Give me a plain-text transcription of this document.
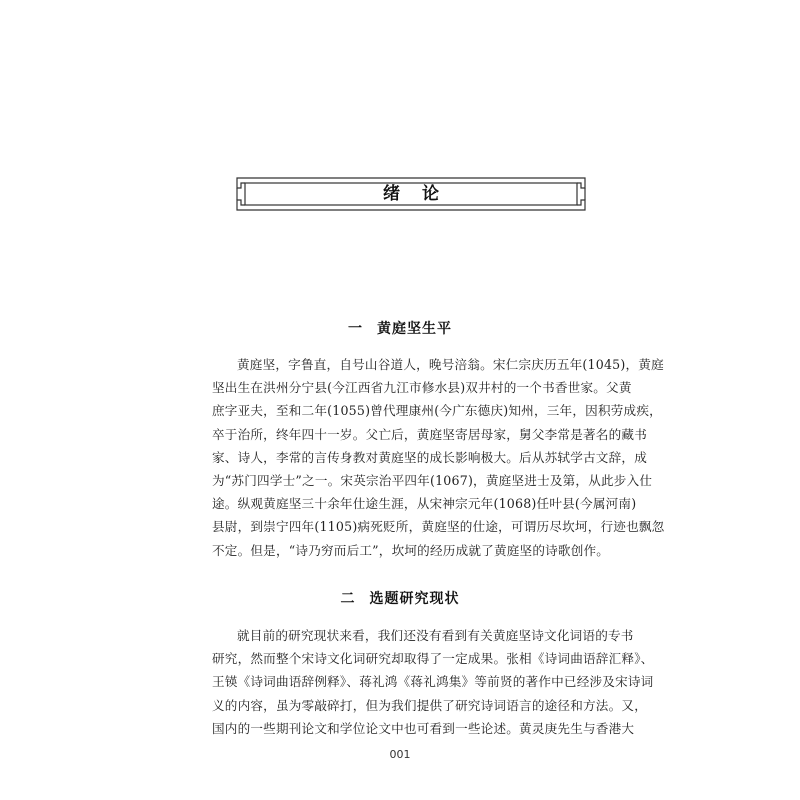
绪论
一 黄庭坚生平

黄庭坚，字鲁直，自号山谷道人，晚号涪翁。宋仁宗庆历五年(1045)，黄庭
坚出生在洪州分宁县(今江西省九江市修水县)双井村的一个书香世家。父黄
庶字亚夫，至和二年(1055)曾代理康州(今广东德庆)知州，三年，因积劳成疾，
卒于治所，终年四十一岁。父亡后，黄庭坚寄居母家，舅父李常是著名的藏书
家、诗人，李常的言传身教对黄庭坚的成长影响极大。后从苏轼学古文辞，成
为“苏门四学士”之一。宋英宗治平四年(1067)，黄庭坚进士及第，从此步入仕
途。纵观黄庭坚三十余年仕途生涯，从宋神宗元年(1068)任叶县(今属河南)
县尉，到崇宁四年(1105)病死贬所，黄庭坚的仕途，可谓历尽坎坷，行迹也飘忽
不定。但是，“诗乃穷而后工”，坎坷的经历成就了黄庭坚的诗歌创作。

二 选题研究现状

就目前的研究现状来看，我们还没有看到有关黄庭坚诗文化词语的专书
研究，然而整个宋诗文化词研究却取得了一定成果。张相《诗词曲语辞汇释》、
王锳《诗词曲语辞例释》、蒋礼鸿《蒋礼鸿集》等前贤的著作中已经涉及宋诗词
义的内容，虽为零敲碎打，但为我们提供了研究诗词语言的途径和方法。又，
国内的一些期刊论文和学位论文中也可看到一些论述。黄灵庚先生与香港大

001
